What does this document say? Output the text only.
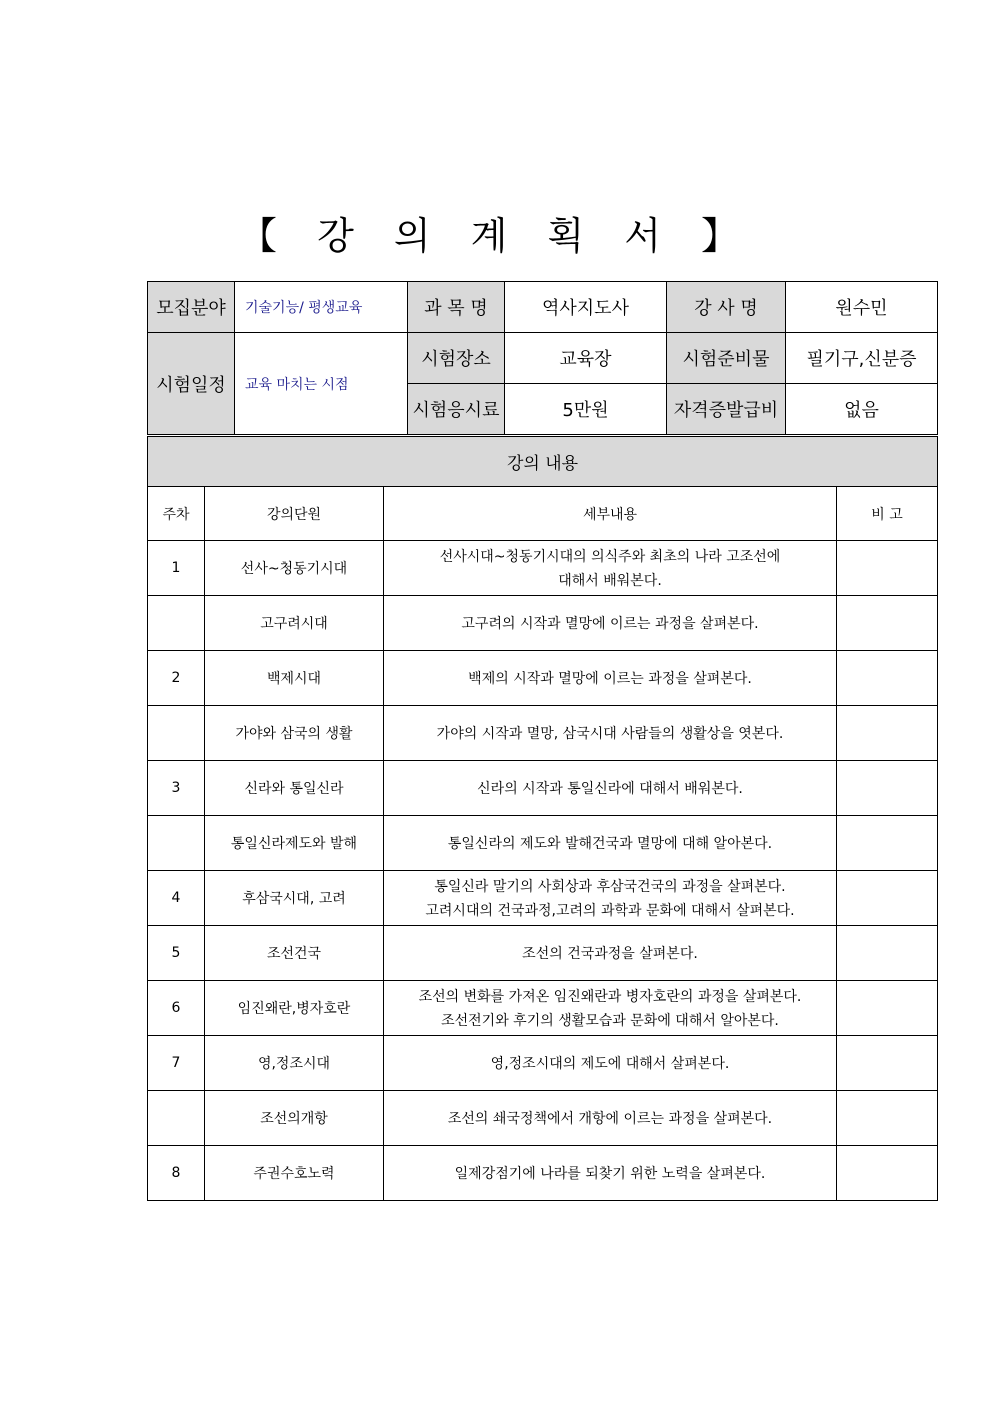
【 강 의 계 획 서 】
모집분야	기술기능/ 평생교육	과 목 명	역사지도사	강 사 명	원수민
시험일정	교육 마치는 시점	시험장소	교육장	시험준비물	필기구,신분증
		시험응시료	5만원	자격증발급비	없음
강의 내용			
주차	강의단원	세부내용	비 고
1	선사~청동기시대	선사시대~청동기시대의 의식주와 최초의 나라 고조선에
대해서 배워본다.	

	고구려시대	고구려의 시작과 멸망에 이르는 과정을 살펴본다.	

2	백제시대	백제의 시작과 멸망에 이르는 과정을 살펴본다.	

	가야와 삼국의 생활	가야의 시작과 멸망, 삼국시대 사람들의 생활상을 엿본다.	

3	신라와 통일신라	신라의 시작과 통일신라에 대해서 배워본다.	

	통일신라제도와 발해	통일신라의 제도와 발해건국과 멸망에 대해 알아본다.	

4	후삼국시대, 고려	통일신라 말기의 사회상과 후삼국건국의 과정을 살펴본다.
고려시대의 건국과정,고려의 과학과 문화에 대해서 살펴본다.	

5	조선건국	조선의 건국과정을 살펴본다.	

6	임진왜란,병자호란	조선의 변화를 가져온 임진왜란과 병자호란의 과정을 살펴본다.
조선전기와 후기의 생활모습과 문화에 대해서 알아본다.	

7	영,정조시대	영,정조시대의 제도에 대해서 살펴본다.	

	조선의개항	조선의 쇄국정책에서 개항에 이르는 과정을 살펴본다.	

8	주권수호노력	일제강점기에 나라를 되찾기 위한 노력을 살펴본다.	
